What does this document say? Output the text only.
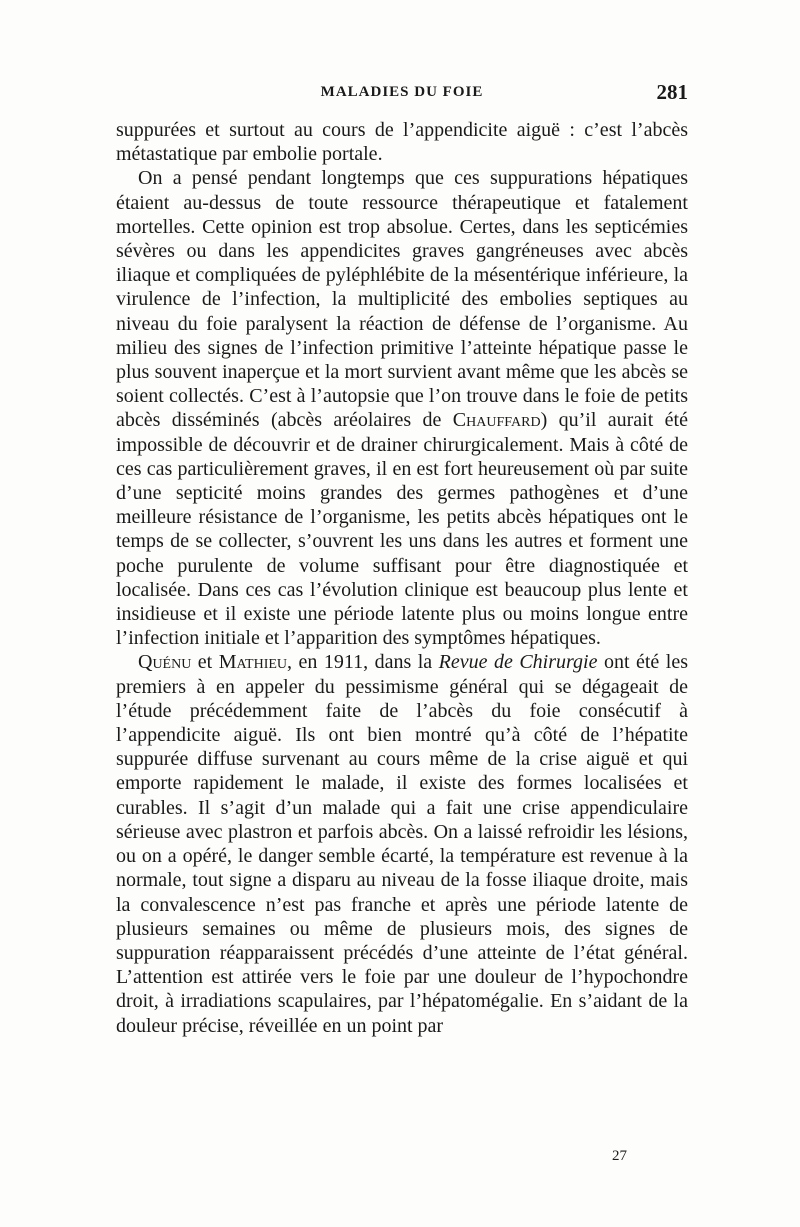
MALADIES DU FOIE	281

suppurées et surtout au cours de l’appendicite aiguë : c’est l’abcès métastatique par embolie portale.

On a pensé pendant longtemps que ces suppurations hépatiques étaient au-dessus de toute ressource thérapeutique et fatalement mortelles. Cette opinion est trop absolue. Certes, dans les septicémies sévères ou dans les appendicites graves gangréneuses avec abcès iliaque et compliquées de pyléphlébite de la mésentérique inférieure, la virulence de l’infection, la multiplicité des embolies septiques au niveau du foie paralysent la réaction de défense de l’organisme. Au milieu des signes de l’infection primitive l’atteinte hépatique passe le plus souvent inaperçue et la mort survient avant même que les abcès se soient collectés. C’est à l’autopsie que l’on trouve dans le foie de petits abcès disséminés (abcès aréolaires de Chauffard) qu’il aurait été impossible de découvrir et de drainer chirurgicalement. Mais à côté de ces cas particulièrement graves, il en est fort heureusement où par suite d’une septicité moins grandes des germes pathogènes et d’une meilleure résistance de l’organisme, les petits abcès hépatiques ont le temps de se collecter, s’ouvrent les uns dans les autres et forment une poche purulente de volume suffisant pour être diagnostiquée et localisée. Dans ces cas l’évolution clinique est beaucoup plus lente et insidieuse et il existe une période latente plus ou moins longue entre l’infection initiale et l’apparition des symptômes hépatiques.

Quénu et Mathieu, en 1911, dans la Revue de Chirurgie ont été les premiers à en appeler du pessimisme général qui se dégageait de l’étude précédemment faite de l’abcès du foie consécutif à l’appendicite aiguë. Ils ont bien montré qu’à côté de l’hépatite suppurée diffuse survenant au cours même de la crise aiguë et qui emporte rapidement le malade, il existe des formes localisées et curables. Il s’agit d’un malade qui a fait une crise appendiculaire sérieuse avec plastron et parfois abcès. On a laissé refroidir les lésions, ou on a opéré, le danger semble écarté, la température est revenue à la normale, tout signe a disparu au niveau de la fosse iliaque droite, mais la convalescence n’est pas franche et après une période latente de plusieurs semaines ou même de plusieurs mois, des signes de suppuration réapparaissent précédés d’une atteinte de l’état général. L’attention est attirée vers le foie par une douleur de l’hypochondre droit, à irradiations scapulaires, par l’hépatomégalie. En s’aidant de la douleur précise, réveillée en un point par

27
